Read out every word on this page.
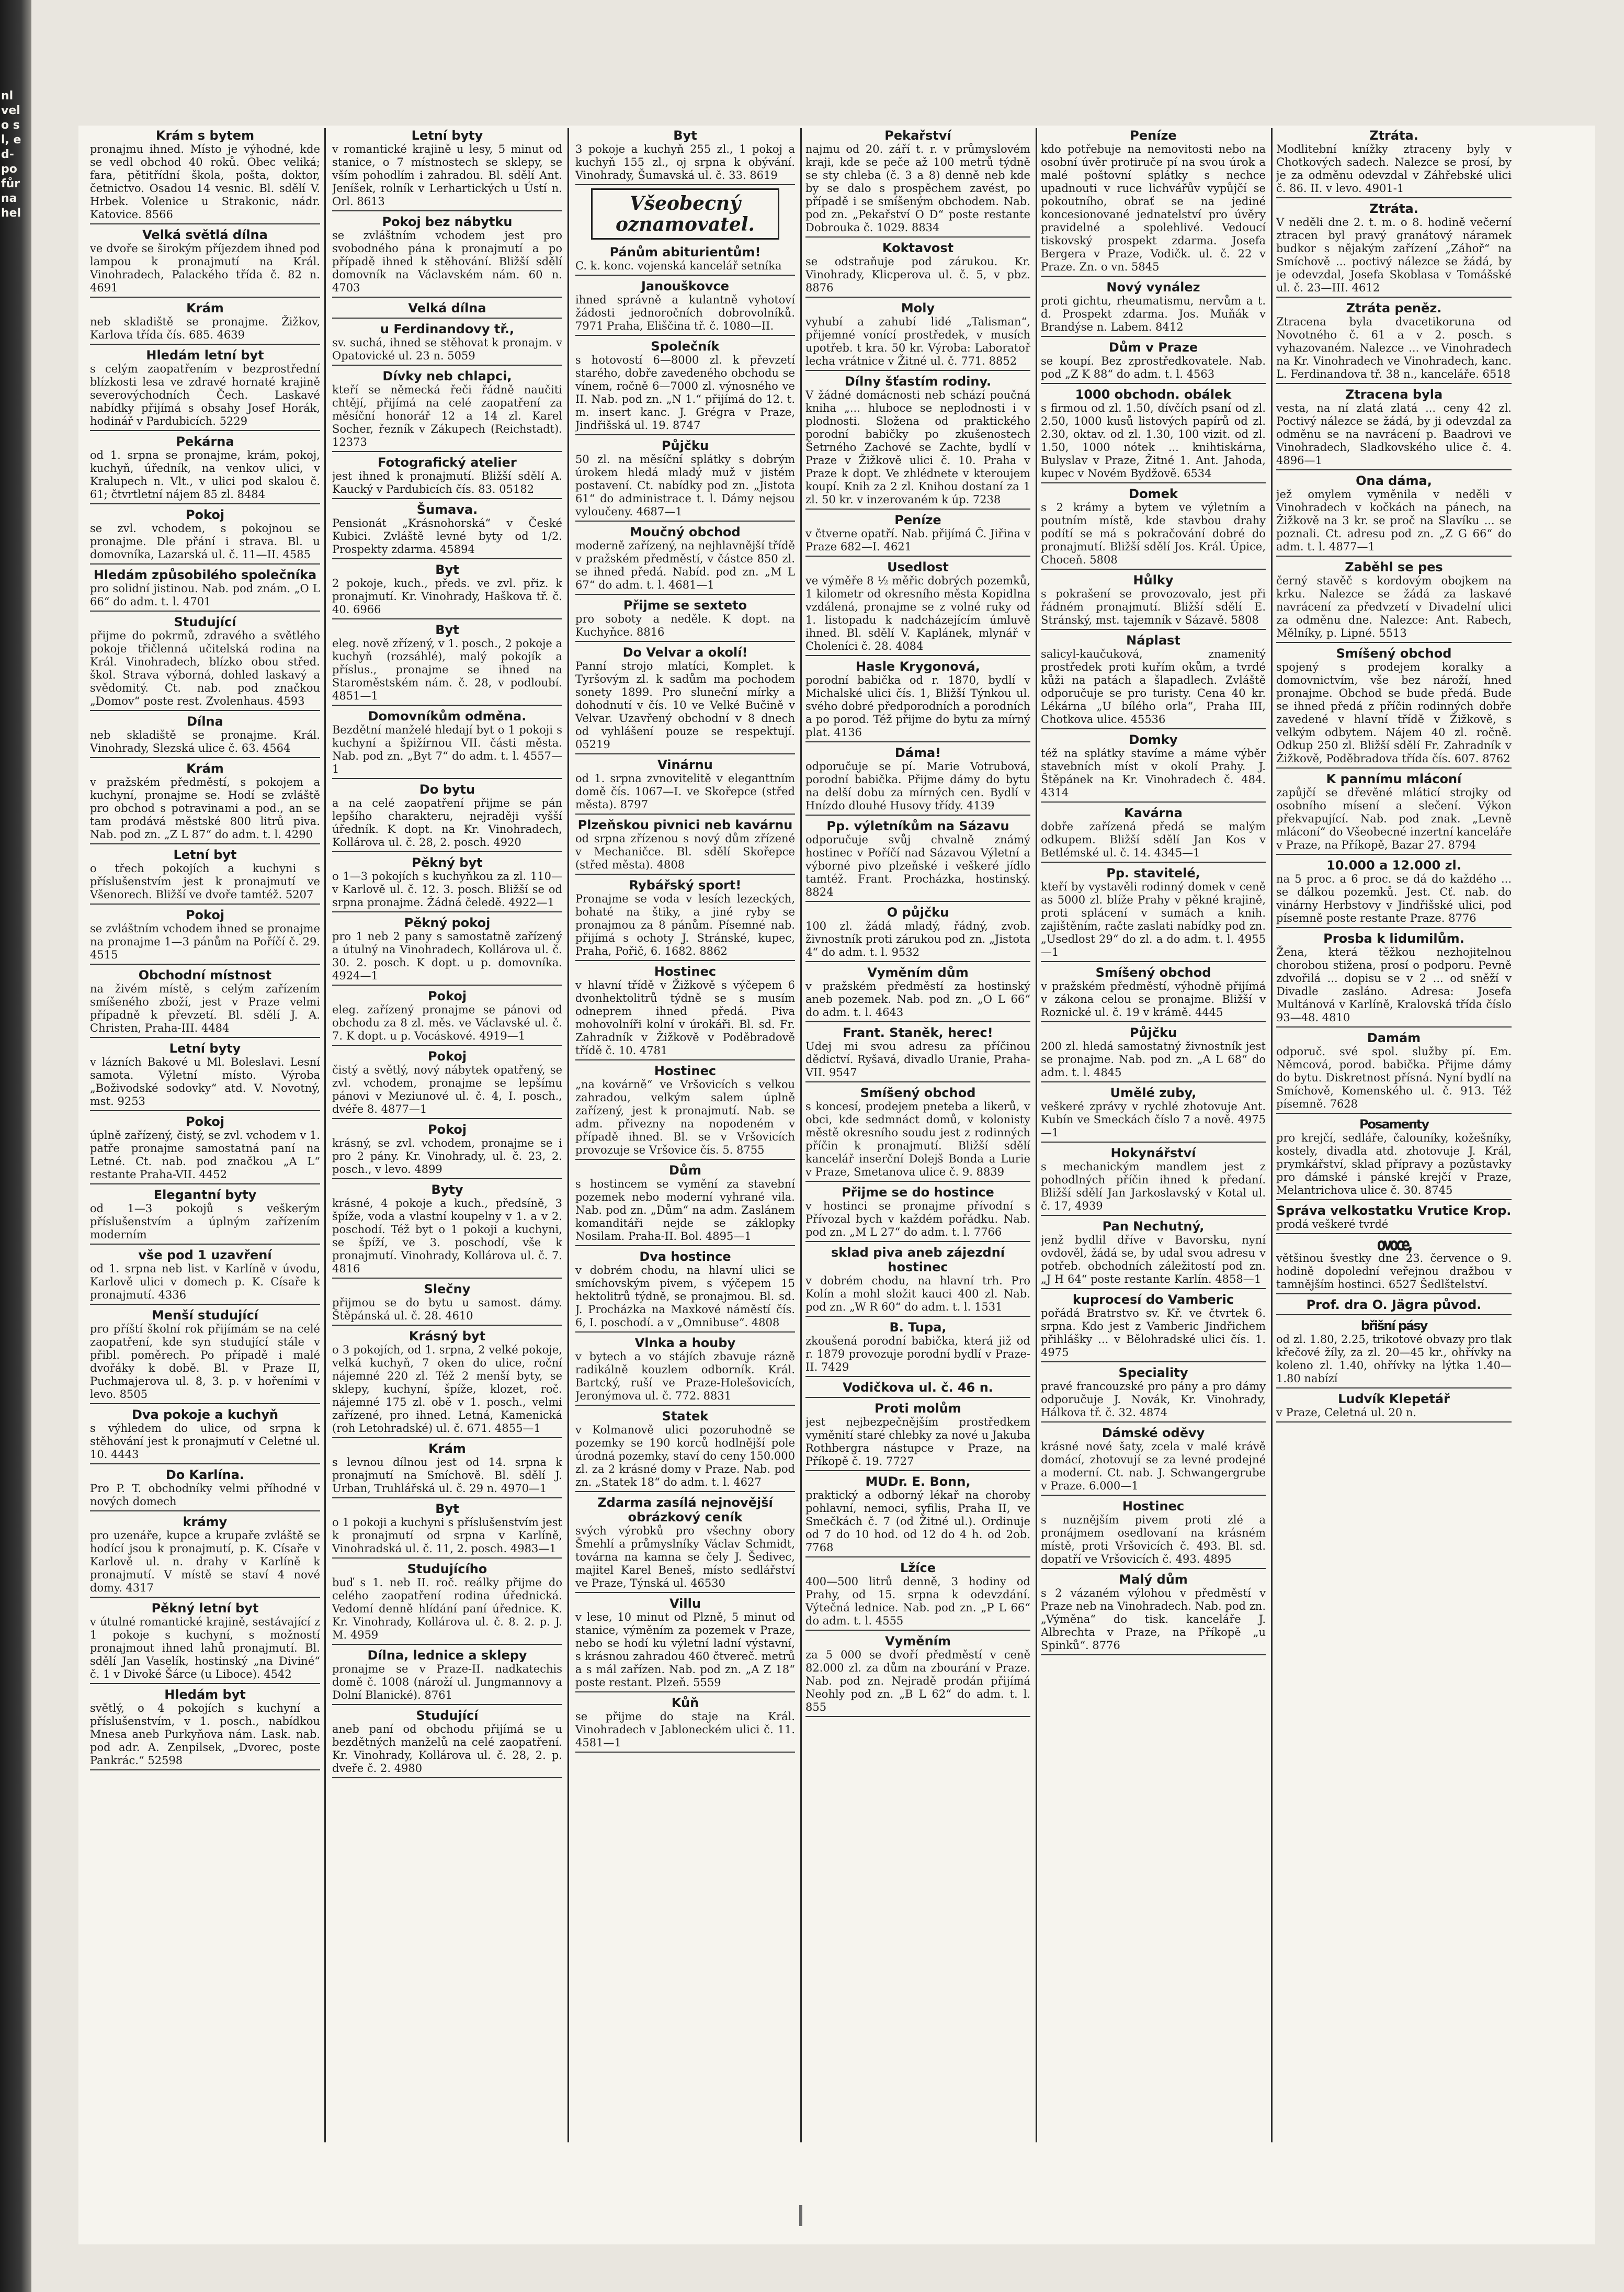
nl velo sl, ed-po fůr na hel
Krám s bytem

pronajmu ihned. Místo je výhodné, kde se vedl obchod 40 roků. Obec veliká; fara, pětitřídní škola, pošta, doktor, četnictvo. Osadou 14 vesnic. Bl. sdělí V. Hrbek. Volenice u Strakonic, nádr. Katovice. 8566

Velká světlá dílna

ve dvoře se širokým příjezdem ihned pod lampou k pronajmutí na Král. Vinohradech, Palackého třída č. 82 n. 4691

Krám

neb skladiště se pronajme. Žižkov, Karlova třída čís. 685. 4639

Hledám letní byt

s celým zaopatřením v bezprostřední blízkosti lesa ve zdravé hornaté krajině severovýchodních Čech. Laskavé nabídky přijímá s obsahy Josef Horák, hodinář v Pardubicích. 5229

Pekárna

od 1. srpna se pronajme, krám, pokoj, kuchyň, úředník, na venkov ulici, v Kralupech n. Vlt., v ulici pod skalou č. 61; čtvrtletní nájem 85 zl. 8484

Pokoj

se zvl. vchodem, s pokojnou se pronajme. Dle přání i strava. Bl. u domovníka, Lazarská ul. č. 11—II. 4585

Hledám způsobilého společníka

pro solidní jistinou. Nab. pod znám. „O L 66“ do adm. t. l. 4701

Studující

přijme do pokrmů, zdravého a světlého pokoje třičlenná učitelská rodina na Král. Vinohradech, blízko obou střed. škol. Strava výborná, dohled laskavý a svědomitý. Ct. nab. pod značkou „Domov“ poste rest. Zvolenhaus. 4593

Dílna

neb skladiště se pronajme. Král. Vinohrady, Slezská ulice č. 63. 4564

Krám

v pražském předměstí, s pokojem a kuchyní, pronajme se. Hodí se zvláště pro obchod s potravinami a pod., an se tam prodává městské 800 litrů piva. Nab. pod zn. „Z L 87“ do adm. t. l. 4290

Letní byt

o třech pokojích a kuchyni s příslušenstvím jest k pronajmutí ve Všenorech. Bližší ve dvoře tamtéž. 5207

Pokoj

se zvláštním vchodem ihned se pronajme na pronajme 1—3 pánům na Poříčí č. 29. 4515

Obchodní místnost

na živém místě, s celým zařízením smíšeného zboží, jest v Praze velmi případně k převzetí. Bl. sdělí J. A. Christen, Praha-III. 4484

Letní byty

v lázních Bakové u Ml. Boleslavi. Lesní samota. Výletní místo. Výroba „Boživodské sodovky“ atd. V. Novotný, mst. 9253

Pokoj

úplně zařízený, čistý, se zvl. vchodem v 1. patře pronajme samostatná paní na Letné. Ct. nab. pod značkou „A L“ restante Praha-VII. 4452

Elegantní byty

od 1—3 pokojů s veškerým příslušenstvím a úplným zařízením moderním

vše pod 1 uzavření

od 1. srpna neb list. v Karlíně v úvodu, Karlově ulici v domech p. K. Císaře k pronajmutí. 4336

Menší studující

pro příští školní rok přijímám se na celé zaopatření, kde syn studující stále v přibl. poměrech. Po případě i malé dvořáky k době. Bl. v Praze II, Puchmajerova ul. 8, 3. p. v hořeními v levo. 8505

Dva pokoje a kuchyň

s výhledem do ulice, od srpna k stěhování jest k pronajmutí v Celetné ul. 10. 4443

Do Karlína.

Pro P. T. obchodníky velmi příhodné v nových domech

krámy

pro uzenáře, kupce a krupaře zvláště se hodící jsou k pronajmutí, p. K. Císaře v Karlově ul. n. drahy v Karlíně k pronajmutí. V místě se staví 4 nové domy. 4317

Pěkný letní byt

v útulné romantické krajině, sestávající z 1 pokoje s kuchyní, s možností pronajmout ihned lahů pronajmutí. Bl. sdělí Jan Vaselík, hostinský „na Diviné“ č. 1 v Divoké Šárce (u Liboce). 4542

Hledám byt

světlý, o 4 pokojích s kuchyní a příslušenstvím, v 1. posch., nabídkou Mnesa aneb Purkyňova nám. Lask. nab. pod adr. A. Zenpilsek, „Dvorec, poste Pankrác.“ 52598

Letní byty

v romantické krajině u lesy, 5 minut od stanice, o 7 místnostech se sklepy, se vším pohodlím i zahradou. Bl. sdělí Ant. Jeníšek, rolník v Lerhartických u Ústí n. Orl. 8613

Pokoj bez nábytku

se zvláštním vchodem jest pro svobodného pána k pronajmutí a po případě ihned k stěhování. Bližší sdělí domovník na Václavském nám. 60 n. 4703

Velká dílna
u Ferdinandovy tř.,

sv. suchá, ihned se stěhovat k pronajm. v Opatovické ul. 23 n. 5059

Dívky neb chlapci,

kteří se německá řeči řádně naučiti chtějí, přijímá na celé zaopatření za měsíční honorář 12 a 14 zl. Karel Socher, řezník v Zákupech (Reichstadt). 12373

Fotografický atelier

jest ihned k pronajmutí. Bližší sdělí A. Kaucký v Pardubicích čís. 83. 05182

Šumava.

Pensionát „Krásnohorská“ v České Kubici. Zvláště levné byty od 1/2. Prospekty zdarma. 45894

Byt

2 pokoje, kuch., předs. ve zvl. přiz. k pronajmutí. Kr. Vinohrady, Haškova tř. č. 40. 6966

Byt

eleg. nově zřízený, v 1. posch., 2 pokoje a kuchyň (rozsáhlé), malý pokojík a příslus., pronajme se ihned na Staroměstském nám. č. 28, v podloubí. 4851—1

Domovníkům odměna.

Bezdětní manželé hledají byt o 1 pokoji s kuchyní a špižírnou VII. části města. Nab. pod zn. „Byt 7“ do adm. t. l. 4557—1

Do bytu

a na celé zaopatření přijme se pán lepšího charakteru, nejraději vyšší úředník. K dopt. na Kr. Vinohradech, Kollárova ul. č. 28, 2. posch. 4920

Pěkný byt

o 1—3 pokojích s kuchyňkou za zl. 110— v Karlově ul. č. 12. 3. posch. Bližší se od srpna pronajme. Žádná čeledě. 4922—1

Pěkný pokoj

pro 1 neb 2 pany s samostatně zařízený a útulný na Vinohradech, Kollárova ul. č. 30. 2. posch. K dopt. u p. domovníka. 4924—1

Pokoj

eleg. zařízený pronajme se pánovi od obchodu za 8 zl. měs. ve Václavské ul. č. 7. K dopt. u p. Vocáskové. 4919—1

Pokoj

čistý a světlý, nový nábytek opatřený, se zvl. vchodem, pronajme se lepšímu pánovi v Meziunové ul. č. 4, I. posch., dvéře 8. 4877—1

Pokoj

krásný, se zvl. vchodem, pronajme se i pro 2 pány. Kr. Vinohrady, ul. č. 23, 2. posch., v levo. 4899

Byty

krásné, 4 pokoje a kuch., předsíně, 3 špíže, voda a vlastní koupelny v 1. a v 2. poschodí. Též byt o 1 pokoji a kuchyni, se špíží, ve 3. poschodí, vše k pronajmutí. Vinohrady, Kollárova ul. č. 7. 4816

Slečny

přijmou se do bytu u samost. dámy. Štěpánská ul. č. 28. 4610

Krásný byt

o 3 pokojích, od 1. srpna, 2 velké pokoje, velká kuchyň, 7 oken do ulice, roční nájemné 220 zl. Též 2 menší byty, se sklepy, kuchyní, špíže, klozet, roč. nájemné 175 zl. obě v 1. posch., velmi zařízené, pro ihned. Letná, Kamenická (roh Letohradské) ul. č. 671. 4855—1

Krám

s levnou dílnou jest od 14. srpna k pronajmutí na Smíchově. Bl. sdělí J. Urban, Truhlářská ul. č. 29 n. 4970—1

Byt

o 1 pokoji a kuchyni s příslušenstvím jest k pronajmutí od srpna v Karlíně, Vinohradská ul. č. 11, 2. posch. 4983—1

Studujícího

buď s 1. neb II. roč. reálky přijme do celého zaopatření rodina úřednická. Vedomí denně hlídání paní úřednice. K. Kr. Vinohrady, Kollárova ul. č. 8. 2. p. J. M. 4959

Dílna, lednice a sklepy

pronajme se v Praze-II. nadkatechis domě č. 1008 (nároží ul. Jungmannovy a Dolní Blanické). 8761

Studující

aneb paní od obchodu přijímá se u bezdětných manželů na celé zaopatření. Kr. Vinohrady, Kollárova ul. č. 28, 2. p. dveře č. 2. 4980

Byt

3 pokoje a kuchyň 255 zl., 1 pokoj a kuchyň 155 zl., oj srpna k obývání. Vinohrady, Šumavská ul. č. 33. 8619

Všeobecný oznamovatel.
Pánům abiturientům!

C. k. konc. vojenská kancelář setníka

Janouškovce

ihned správně a kulantně vyhotoví žádosti jednoročních dobrovolníků. 7971 Praha, Eliščina tř. č. 1080—II.

Společník

s hotovostí 6—8000 zl. k převzetí starého, dobře zavedeného obchodu se vínem, ročně 6—7000 zl. výnosného ve II. Nab. pod zn. „N 1.“ přijímá do 12. t. m. insert kanc. J. Grégra v Praze, Jindřišská ul. 19. 8747

Půjčku

50 zl. na měsíční splátky s dobrým úrokem hledá mladý muž v jistém postavení. Ct. nabídky pod zn. „Jistota 61“ do administrace t. l. Dámy nejsou vyloučeny. 4687—1

Moučný obchod

moderně zařízený, na nejhlavnější třídě v pražském předměstí, v částce 850 zl. se ihned předá. Nabíd. pod zn. „M L 67“ do adm. t. l. 4681—1

Přijme se sexteto

pro soboty a neděle. K dopt. na Kuchyňce. 8816

Do Velvar a okolí!

Panní strojo mlatíci, Komplet. k Tyršovým zl. k sadům ma pochodem sonety 1899. Pro sluneční mírky a dohodnutí v čís. 10 ve Velké Bučině v Velvar. Uzavřený obchodní v 8 dnech od vyhlášení pouze se respektují. 05219

Vinárnu

od 1. srpna zvnovitelitě v eleganttním domě čís. 1067—I. ve Skořepce (střed města). 8797

Plzeňskou pivnici neb kavárnu

od srpna zřízenou s nový dům zřízené v Mechaničce. Bl. sdělí Skořepce (střed města). 4808

Rybářský sport!

Pronajme se voda v lesích lezeckých, bohaté na štiky, a jiné ryby se pronajmou za 8 pánům. Písemné nab. přijímá s ochoty J. Stránské, kupec, Praha, Pořič, 6. 1682. 8862

Hostinec

v hlavní třídě v Žižkově s výčepem 6 dvonhektolitrů týdně se s musím odneprem ihned předá. Piva mohovolníři kolní v úrokáři. Bl. sd. Fr. Zahradník v Žižkově v Poděbradově třídě č. 10. 4781

Hostinec

„na kovárně“ ve Vršovicích s velkou zahradou, velkým salem úplně zařízený, jest k pronajmutí. Nab. se adm. přivezny na nopodeném v případě ihned. Bl. se v Vršovicích provozuje se Vršovice čís. 5. 8755

Dům

s hostincem se vymění za stavební pozemek nebo moderní vyhrané vila. Nab. pod zn. „Dům“ na adm. Zaslánem komanditáři nejde se záklopky Nosilam. Praha-II. Bol. 4895—1

Dva hostince

v dobrém chodu, na hlavní ulici se smíchovským pivem, s výčepem 15 hektolitrů týdně, se pronajmou. Bl. sd. J. Procházka na Maxkové náměstí čís. 6, I. poschodí. a v „Omnibuse“. 4808

Vlnka a houby

v bytech a vo stájích zbavuje rázně radikálně kouzlem odborník. Král. Bartcký, ruší ve Praze-Holešovicích, Jeronýmova ul. č. 772. 8831

Statek

v Kolmanově ulici pozoruhodně se pozemky se 190 korců hodlnější pole úrodná pozemky, staví do ceny 150.000 zl. za 2 krásné domy v Praze. Nab. pod zn. „Statek 18“ do adm. t. l. 4627

Zdarma zasílá nejnovější obrázkový ceník

svých výrobků pro všechny obory Šmehlí a průmyslníky Václav Schmidt, továrna na kamna se čely J. Šedivec, majitel Karel Beneš, místo sedlářství ve Praze, Týnská ul. 46530

Villu

v lese, 10 minut od Plzně, 5 minut od stanice, výměním za pozemek v Praze, nebo se hodí ku výletní ladní výstavní, s krásnou zahradou 460 čtvereč. metrů a s mál zařízen. Nab. pod zn. „A Z 18“ poste restant. Plzeň. 5559

Kůň

se přijme do staje na Král. Vinohradech v Jabloneckém ulici č. 11. 4581—1

Pekařství

najmu od 20. září t. r. v průmyslovém kraji, kde se peče až 100 metrů týdně se sty chleba (č. 3 a 8) denně neb kde by se dalo s prospěchem zavést, po případě i se smíšeným obchodem. Nab. pod zn. „Pekařství O D“ poste restante Dobrouka č. 1029. 8834

Koktavost

se odstraňuje pod zárukou. Kr. Vinohrady, Klicperova ul. č. 5, v pbz. 8876

Moly

vyhubí a zahubí lidé „Talisman“, přijemné vonící prostředek, v musích upotřeb. t kra. 50 kr. Výroba: Laboratoř lecha vrátnice v Žitné ul. č. 771. 8852

Dílny šťastím rodiny.

V žádné domácnosti neb schází poučná kniha „... hluboce se neplodnosti i v plodnosti. Složena od praktického porodní babičky po zkušenostech Šetrného Zachové se Zachte, bydlí v Praze v Žižkově ulici č. 10. Praha v Praze k dopt. Ve zhlédnete v kteroujem koupí. Knih za 2 zl. Knihou dostaní za 1 zl. 50 kr. v inzerovaném k úp. 7238

Peníze

v čtverne opatří. Nab. přijímá Č. Jiřina v Praze 682—I. 4621

Usedlost

ve výměře 8 ½ měřic dobrých pozemků, 1 kilometr od okresního města Kopidlna vzdálená, pronajme se z volné ruky od 1. listopadu k nadcházejícím úmluvě ihned. Bl. sdělí V. Kaplánek, mlynář v Choleníci č. 28. 4084

Hasle Krygonová,

porodní babička od r. 1870, bydlí v Michalské ulici čís. 1, Bližší Týnkou ul. svého dobré předporodních a porodních a po porod. Též přijme do bytu za mírný plat. 4136

Dáma!

odporučuje se pí. Marie Votrubová, porodní babička. Přijme dámy do bytu na delší dobu za mírných cen. Bydlí v Hnízdo dlouhé Husovy třídy. 4139

Pp. výletníkům na Sázavu

odporučuje svůj chvalně známý hostinec v Poříčí nad Sázavou Výletní a výborné pivo plzeňské i veškeré jídlo tamtéž. Frant. Procházka, hostinský. 8824

O půjčku

100 zl. žádá mladý, řádný, zvob. živnostník proti zárukou pod zn. „Jistota 4“ do adm. t. l. 9532

Vyměním dům

v pražském předměstí za hostinský aneb pozemek. Nab. pod zn. „O L 66“ do adm. t. l. 4643

Frant. Staněk, herec!

Udej mi svou adresu za příčinou dědictví. Ryšavá, divadlo Uranie, Praha-VII. 9547

Smíšený obchod

s koncesí, prodejem pneteba a likerů, v obci, kde sedmnáct domů, v kolonisty městě okresního soudu jest z rodinných příčin k pronajmutí. Bližší sdělí kancelář inserční Dolejš Bonda a Lurie v Praze, Smetanova ulice č. 9. 8839

Přijme se do hostince

v hostinci se pronajme přívodní s Přívozal bych v každém pořádku. Nab. pod zn. „M L 27“ do adm. t. l. 7766

sklad piva aneb zájezdní hostinec

v dobrém chodu, na hlavní trh. Pro Kolín a mohl složit kauci 400 zl. Nab. pod zn. „W R 60“ do adm. t. l. 1531

B. Tupa,

zkoušená porodní babička, která již od r. 1879 provozuje porodní bydlí v Praze-II. 7429

Vodičkova ul. č. 46 n.
Proti molům

jest nejbezpečnějším prostředkem vyměnití staré chlebky za nové u Jakuba Rothbergra nástupce v Praze, na Příkopě č. 19. 7727

MUDr. E. Bonn,

praktický a odborný lékař na choroby pohlavní, nemoci, syfilis, Praha II, ve Smečkách č. 7 (od Žitné ul.). Ordinuje od 7 do 10 hod. od 12 do 4 h. od 2ob. 7768

Lžíce

400—500 litrů denně, 3 hodiny od Prahy, od 15. srpna k odevzdání. Výtečná lednice. Nab. pod zn. „P L 66“ do adm. t. l. 4555

Vyměním

za 5 000 se dvoří předměstí v ceně 82.000 zl. za dům na zbourání v Praze. Nab. pod zn. Nejradě prodán přijímá Neohly pod zn. „B L 62“ do adm. t. l. 855

Peníze

kdo potřebuje na nemovitosti nebo na osobní úvěr protiruče pí na svou úrok a malé poštovní splátky s nechce upadnouti v ruce lichvářův vypůjčí se pokoutního, obrať se na jediné koncesionované jednatelství pro úvěry pravidelné a spolehlivé. Vedoucí tiskovský prospekt zdarma. Josefa Bergera v Praze, Vodičk. ul. č. 22 v Praze. Zn. o vn. 5845

Nový vynález

proti gichtu, rheumatismu, nervům a t. d. Prospekt zdarma. Jos. Muňák v Brandýse n. Labem. 8412

Dům v Praze

se koupí. Bez zprostředkovatele. Nab. pod „Z K 88“ do adm. t. l. 4563

1000 obchodn. obálek

s firmou od zl. 1.50, dívčích psaní od zl. 2.50, 1000 kusů listových papírů od zl. 2.30, oktav. od zl. 1.30, 100 vizit. od zl. 1.50, 1000 nótek ... knihtiskárna, Bulyslav v Praze, Žitné 1. Ant. Jahoda, kupec v Novém Bydžově. 6534

Domek

s 2 krámy a bytem ve výletním a poutním místě, kde stavbou drahy podítí se má s pokračování dobré do pronajmutí. Bližší sdělí Jos. Král. Úpice, Choceň. 5808

Hůlky

s pokrašení se provozovalo, jest při řádném pronajmutí. Bližší sdělí E. Stránský, mst. tajemník v Sázavě. 5808

Náplast

salicyl-kaučuková, znamenitý prostředek proti kuřím okům, a tvrdé kůži na patách a šlapadlech. Zvláště odporučuje se pro turisty. Cena 40 kr. Lékárna „U bílého orla“, Praha III, Chotkova ulice. 45536

Domky

též na splátky stavíme a máme výběr stavebních míst v okolí Prahy. J. Štěpánek na Kr. Vinohradech č. 484. 4314

Kavárna

dobře zařízená předá se malým odkupem. Bližší sdělí Jan Kos v Betlémské ul. č. 14. 4345—1

Pp. stavitelé,

kteří by vystavěli rodinný domek v ceně as 5000 zl. blíže Prahy v pěkné krajině, proti splácení v sumách a knih. zajištěním, račte zaslati nabídky pod zn. „Usedlost 29“ do zl. a do adm. t. l. 4955—1

Smíšený obchod

v pražském předměstí, výhodně přijímá v zákona celou se pronajme. Bližší v Roznické ul. č. 19 v krámě. 4445

Půjčku

200 zl. hledá samostatný živnostník jest se pronajme. Nab. pod zn. „A L 68“ do adm. t. l. 4845

Umělé zuby,

veškeré zprávy v rychlé zhotovuje Ant. Kubín ve Smeckách číslo 7 a nově. 4975—1

Hokynářství

s mechanickým mandlem jest z pohodlných příčin ihned k předaní. Bližší sdělí Jan Jarkoslavský v Kotal ul. č. 17, 4939

Pan Nechutný,

jenž bydlil dříve v Bavorsku, nyní ovdověl, žádá se, by udal svou adresu v potřeb. obchodních záležitostí pod zn. „J H 64“ poste restante Karlín. 4858—1

kuprocesí do Vamberic

pořádá Bratrstvo sv. Kř. ve čtvrtek 6. srpna. Kdo jest z Vamberic Jindřichem přihlášky ... v Bělohradské ulici čís. 1. 4975

Speciality

pravé francouzské pro pány a pro dámy odporučuje J. Novák, Kr. Vinohrady, Hálkova tř. č. 32. 4874

Dámské oděvy

krásné nové šaty, zcela v malé krávě domácí, zhotovují se za levné prodejné a moderní. Ct. nab. J. Schwangergrube v Praze. 6.000—1

Hostinec

s nuznějším pivem proti zlé a pronájmem osedlovaní na krásném místě, proti Vršovicích č. 493. Bl. sd. dopatří ve Vršovicích č. 493. 4895

Malý dům

s 2 vázaném výlohou v předměstí v Praze neb na Vinohradech. Nab. pod zn. „Výměna“ do tisk. kanceláře J. Albrechta v Praze, na Příkopě „u Spinků“. 8776

Ztráta.

Modlitební knížky ztraceny byly v Chotkových sadech. Nalezce se prosí, by je za odměnu odevzdal v Záhřebské ulici č. 86. II. v levo. 4901-1

Ztráta.

V neděli dne 2. t. m. o 8. hodině večerní ztracen byl pravý granátový náramek budkor s nějakým zařízení „Záhoř“ na Smíchově ... poctivý nálezce se žádá, by je odevzdal, Josefa Skoblasa v Tomášské ul. č. 23—III. 4612

Ztráta peněz.

Ztracena byla dvacetikoruna od Novotného č. 61 a v 2. posch. s vyhazovaném. Nalezce ... ve Vinohradech na Kr. Vinohradech ve Vinohradech, kanc. L. Ferdinandova tř. 38 n., kanceláře. 6518

Ztracena byla

vesta, na ní zlatá zlatá ... ceny 42 zl. Poctivý nálezce se žádá, by ji odevzdal za odměnu se na navrácení p. Baadrovi ve Vinohradech, Sladkovského ulice č. 4. 4896—1

Ona dáma,

jež omylem vyměnila v neděli v Vinohradech v kočkách na pánech, na Žižkově na 3 kr. se proč na Slavíku ... se poznali. Ct. adresu pod zn. „Z G 66“ do adm. t. l. 4877—1

Zaběhl se pes

černý stavěč s kordovým obojkem na krku. Nalezce se žádá za laskavé navrácení za předvzetí v Divadelní ulici za odměnu dne. Nalezce: Ant. Rabech, Mělníky, p. Lipné. 5513

Smíšený obchod

spojený s prodejem koralky a domovnictvím, vše bez nároží, hned pronajme. Obchod se bude předá. Bude se ihned předá z příčin rodinných dobře zavedené v hlavní třídě v Žižkově, s velkým odbytem. Nájem 40 zl. ročně. Odkup 250 zl. Bližší sdělí Fr. Zahradník v Žižkově, Poděbradova třída čís. 607. 8762

K pannímu mláconí

zapůjčí se dřevěné mláticí strojky od osobního mísení a slečení. Výkon překvapující. Nab. pod znak. „Levně mláconí“ do Všeobecné inzertní kanceláře v Praze, na Příkopě, Bazar 27. 8794

10.000 a 12.000 zl.

na 5 proc. a 6 proc. se dá do každého ... se dálkou pozemků. Jest. Cť. nab. do vinárny Herbstovy v Jindřišské ulici, pod písemně poste restante Praze. 8776

Prosba k lidumilům.

Žena, která těžkou nezhojitelnou chorobou stižena, prosí o podporu. Pevně zdvořilá ... dopisu se v 2 ... od sněží v Divadle zasláno. Adresa: Josefa Multánová v Karlíně, Kralovská třída číslo 93—48. 4810

Damám

odporuč. své spol. služby pí. Em. Němcová, porod. babička. Přijme dámy do bytu. Diskretnost přísná. Nyní bydlí na Smíchově, Komenského ul. č. 913. Též písemně. 7628

Posamenty

pro krejčí, sedláře, čalouníky, kožešníky, kostely, divadla atd. zhotovuje J. Král, prymkářství, sklad přípravy a pozůstavky pro dámské i pánské krejčí v Praze, Melantrichova ulice č. 30. 8745

Správa velkostatku Vrutice Krop.

prodá veškeré tvrdé

ovoce,

většinou švestky dne 23. července o 9. hodině dopolední veřejnou dražbou v tamnějším hostinci. 6527 Šedlštelství.

Prof. dra O. Jägra původ.
břišní pásy

od zl. 1.80, 2.25, trikotové obvazy pro tlak křečové žíly, za zl. 20—45 kr., ohřívky na koleno zl. 1.40, ohřívky na lýtka 1.40—1.80 nabízí

Ludvík Klepetář

v Praze, Celetná ul. 20 n.
